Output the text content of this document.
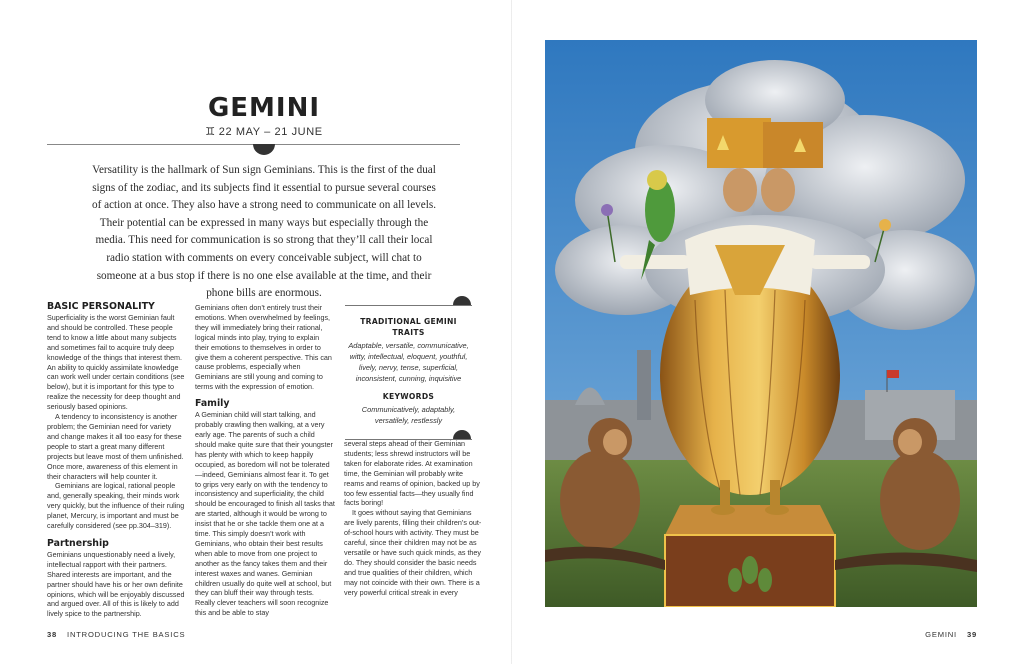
GEMINI
♊ 22 MAY – 21 JUNE
Versatility is the hallmark of Sun sign Geminians. This is the first of the dual signs of the zodiac, and its subjects find it essential to pursue several courses of action at once. They also have a strong need to communicate on all levels. Their potential can be expressed in many ways but especially through the media. This need for communication is so strong that they’ll call their local radio station with comments on every conceivable subject, will chat to someone at a bus stop if there is no one else available at the time, and their phone bills are enormous.
BASIC PERSONALITY

Superficiality is the worst Geminian fault and should be controlled. These people tend to know a little about many subjects and sometimes fail to acquire truly deep knowledge of the things that interest them. An ability to quickly assimilate knowledge can work well under certain conditions (see below), but it is important for this type to realize the necessity for deep thought and seriously based opinions.

A tendency to inconsistency is another problem; the Geminian need for variety and change makes it all too easy for these people to start a great many different projects but leave most of them unfinished. Once more, awareness of this element in their characters will help counter it.

Geminians are logical, rational people and, generally speaking, their minds work very quickly, but the influence of their ruling planet, Mercury, is important and must be carefully considered (see pp.304–319).

Partnership

Geminians unquestionably need a lively, intellectual rapport with their partners. Shared interests are important, and the partner should have his or her own definite opinions, which will be enjoyably discussed and argued over. All of this is likely to add lively spice to the partnership.

Geminians often don’t entirely trust their emotions. When overwhelmed by feelings, they will immediately bring their rational, logical minds into play, trying to explain their emotions to themselves in order to give them a coherent perspective. This can cause problems, especially when Geminians are still young and coming to terms with the expression of emotion.

Family

A Geminian child will start talking, and probably crawling then walking, at a very early age. The parents of such a child should make quite sure that their youngster has plenty with which to keep happily occupied, as boredom will not be tolerated—indeed, Geminians almost fear it. To get to grips very early on with the tendency to inconsistency and superficiality, the child should be encouraged to finish all tasks that are started, although it would be wrong to insist that he or she tackle them one at a time. This simply doesn’t work with Geminians, who obtain their best results when able to move from one project to another as the fancy takes them and their interest waxes and wanes. Geminian children usually do quite well at school, but they can bluff their way through tests. Really clever teachers will soon recognize this and be able to stay

TRADITIONAL GEMINI TRAITS

Adaptable, versatile, communicative, witty, intellectual, eloquent, youthful, lively, nervy, tense, superficial, inconsistent, cunning, inquisitive

KEYWORDS

Communicatively, adaptably, versatilely, restlessly

several steps ahead of their Geminian students; less shrewd instructors will be taken for elaborate rides. At examination time, the Geminian will probably write reams and reams of opinion, backed up by too few essential facts—they usually find facts boring!

It goes without saying that Geminians are lively parents, filling their children’s out-of-school hours with activity. They must be careful, since their children may not be as versatile or have such quick minds, as they do. They should consider the basic needs and true qualities of their children, which may not coincide with their own. There is a very powerful critical streak in every

38 INTRODUCING THE BASICS	GEMINI 39
